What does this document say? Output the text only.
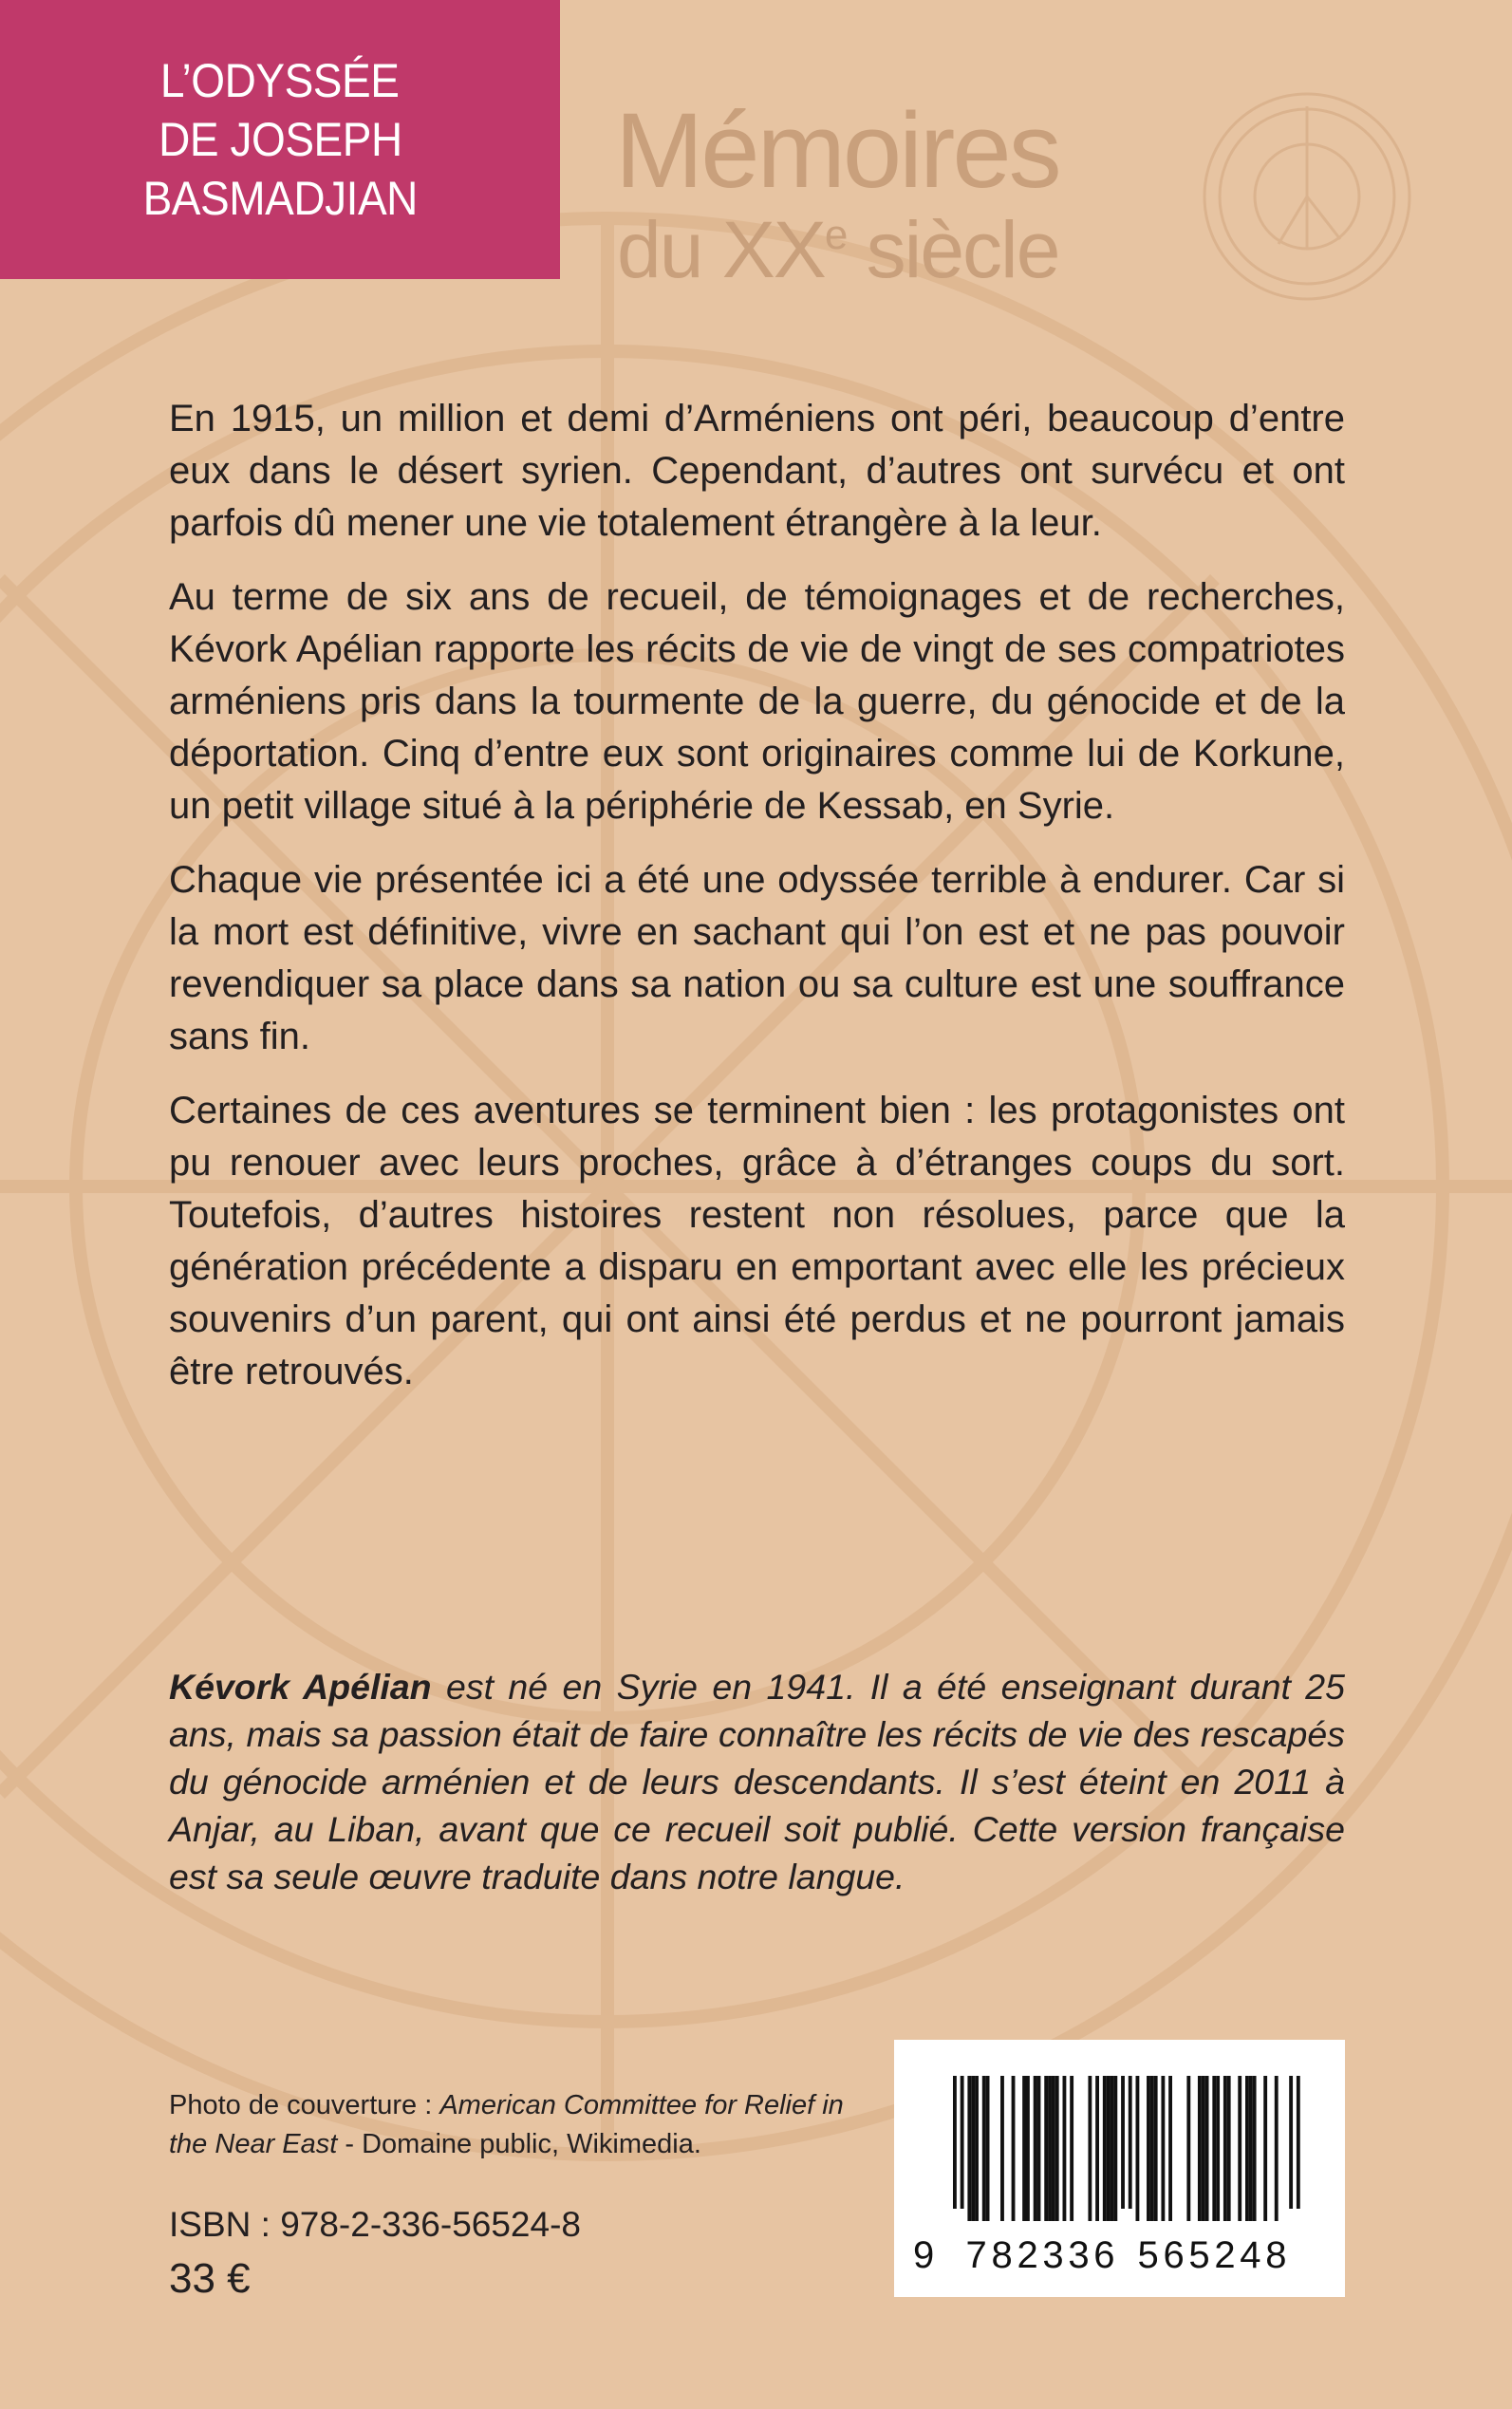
L’ODYSSÉE
DE JOSEPH
BASMADJIAN Mémoires
du XXe siècle

En 1915, un million et demi d’Arméniens ont péri, beaucoup d’entre eux dans le désert syrien. Cependant, d’autres ont survécu et ont parfois dû mener une vie totalement étrangère à la leur.

Au terme de six ans de recueil, de témoignages et de recherches, Kévork Apélian rapporte les récits de vie de vingt de ses compatriotes arméniens pris dans la tourmente de la guerre, du génocide et de la déportation. Cinq d’entre eux sont originaires comme lui de Korkune, un petit village situé à la périphérie de Kessab, en Syrie.

Chaque vie présentée ici a été une odyssée terrible à endurer. Car si la mort est définitive, vivre en sachant qui l’on est et ne pas pouvoir revendiquer sa place dans sa nation ou sa culture est une souffrance sans fin.

Certaines de ces aventures se terminent bien : les protagonistes ont pu renouer avec leurs proches, grâce à d’étranges coups du sort. Toutefois, d’autres histoires restent non résolues, parce que la génération précédente a disparu en emportant avec elle les précieux souvenirs d’un parent, qui ont ainsi été perdus et ne pourront jamais être retrouvés.

Kévork Apélian est né en Syrie en 1941. Il a été enseignant durant 25 ans, mais sa passion était de faire connaître les récits de vie des rescapés du génocide arménien et de leurs descendants. Il s’est éteint en 2011 à Anjar, au Liban, avant que ce recueil soit publié. Cette version française est sa seule œuvre traduite dans notre langue.
Photo de couverture : American Committee for Relief in the Near East - Domaine public, Wikimedia.
ISBN : 978-2-336-56524-8
33 €	9 7 8 2 3 3 6 5 6 5 2 4 8
